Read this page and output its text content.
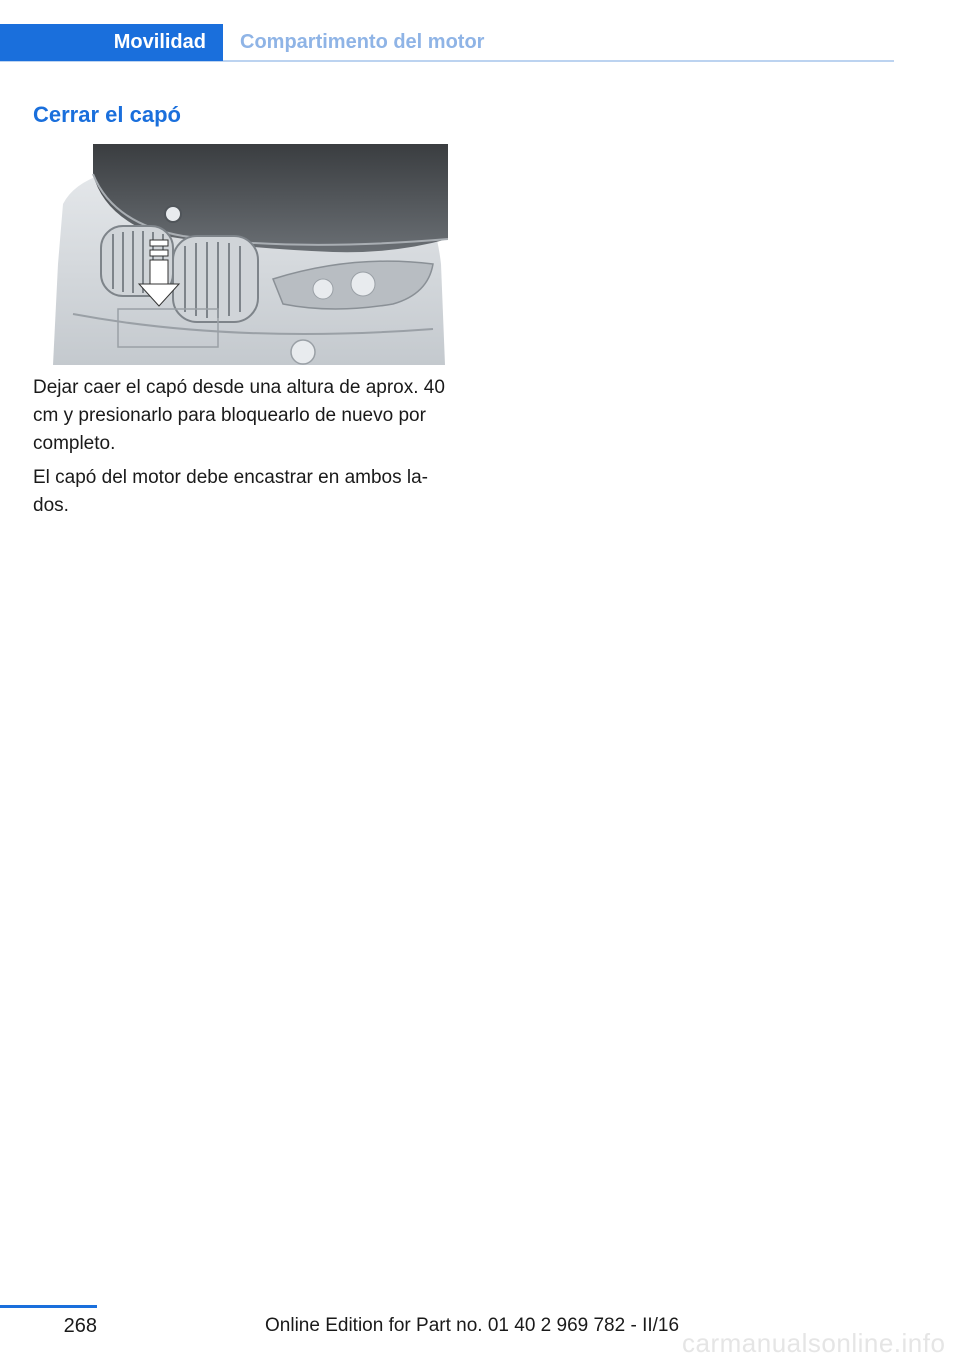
Movilidad Compartimento del motor
Cerrar el capó

Dejar caer el capó desde una altura de aprox. 40 cm y presionarlo para bloquearlo de nuevo por completo.

El capó del motor debe encastrar en ambos la-dos.

268	Online Edition for Part no. 01 40 2 969 782 - II/16
carmanualsonline.info
